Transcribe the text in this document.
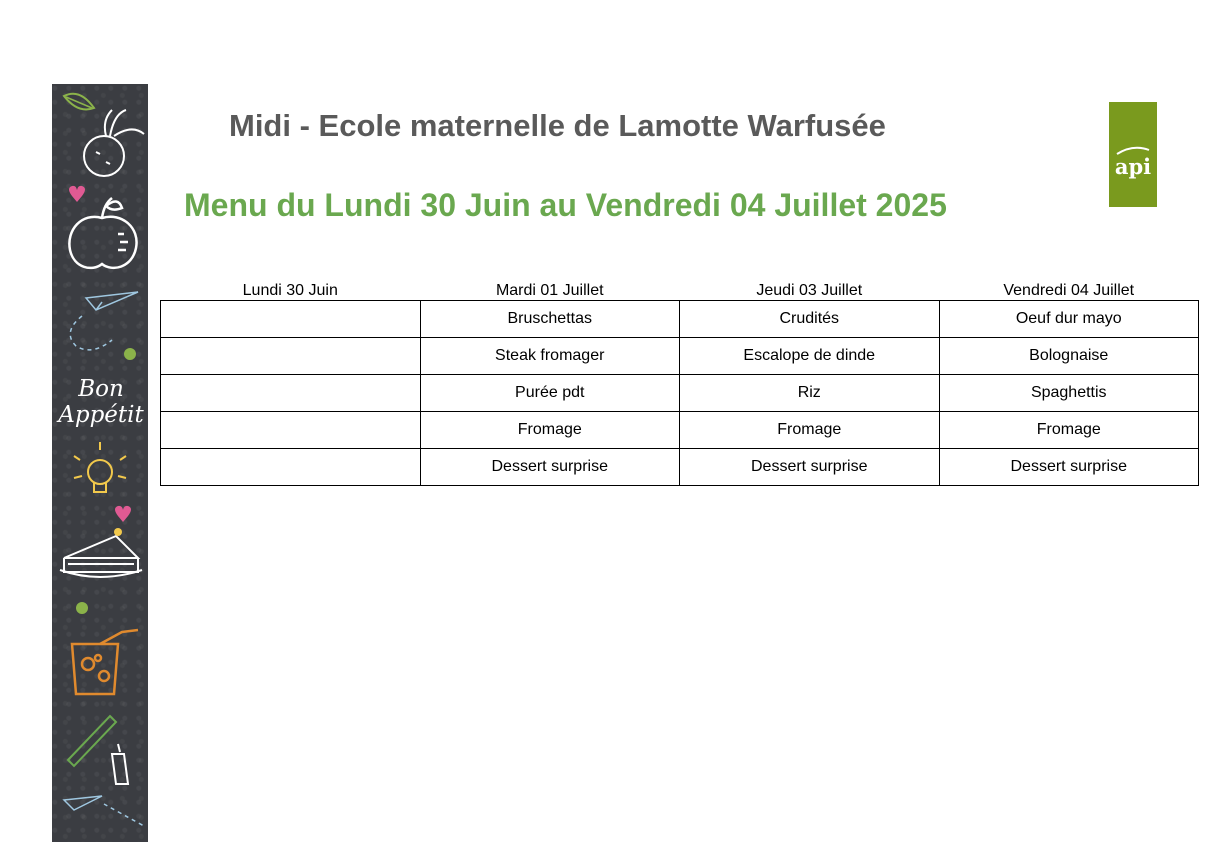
Bon
Appétit
Midi - Ecole maternelle de Lamotte Warfusée
Menu du Lundi 30 Juin au Vendredi 04 Juillet 2025
api
Lundi 30 Juin	Mardi 01 Juillet	Jeudi 03 Juillet	Vendredi 04 Juillet
	Bruschettas	Crudités	Oeuf dur mayo
	Steak fromager	Escalope de dinde	Bolognaise
	Purée pdt	Riz	Spaghettis
	Fromage	Fromage	Fromage
	Dessert surprise	Dessert surprise	Dessert surprise
